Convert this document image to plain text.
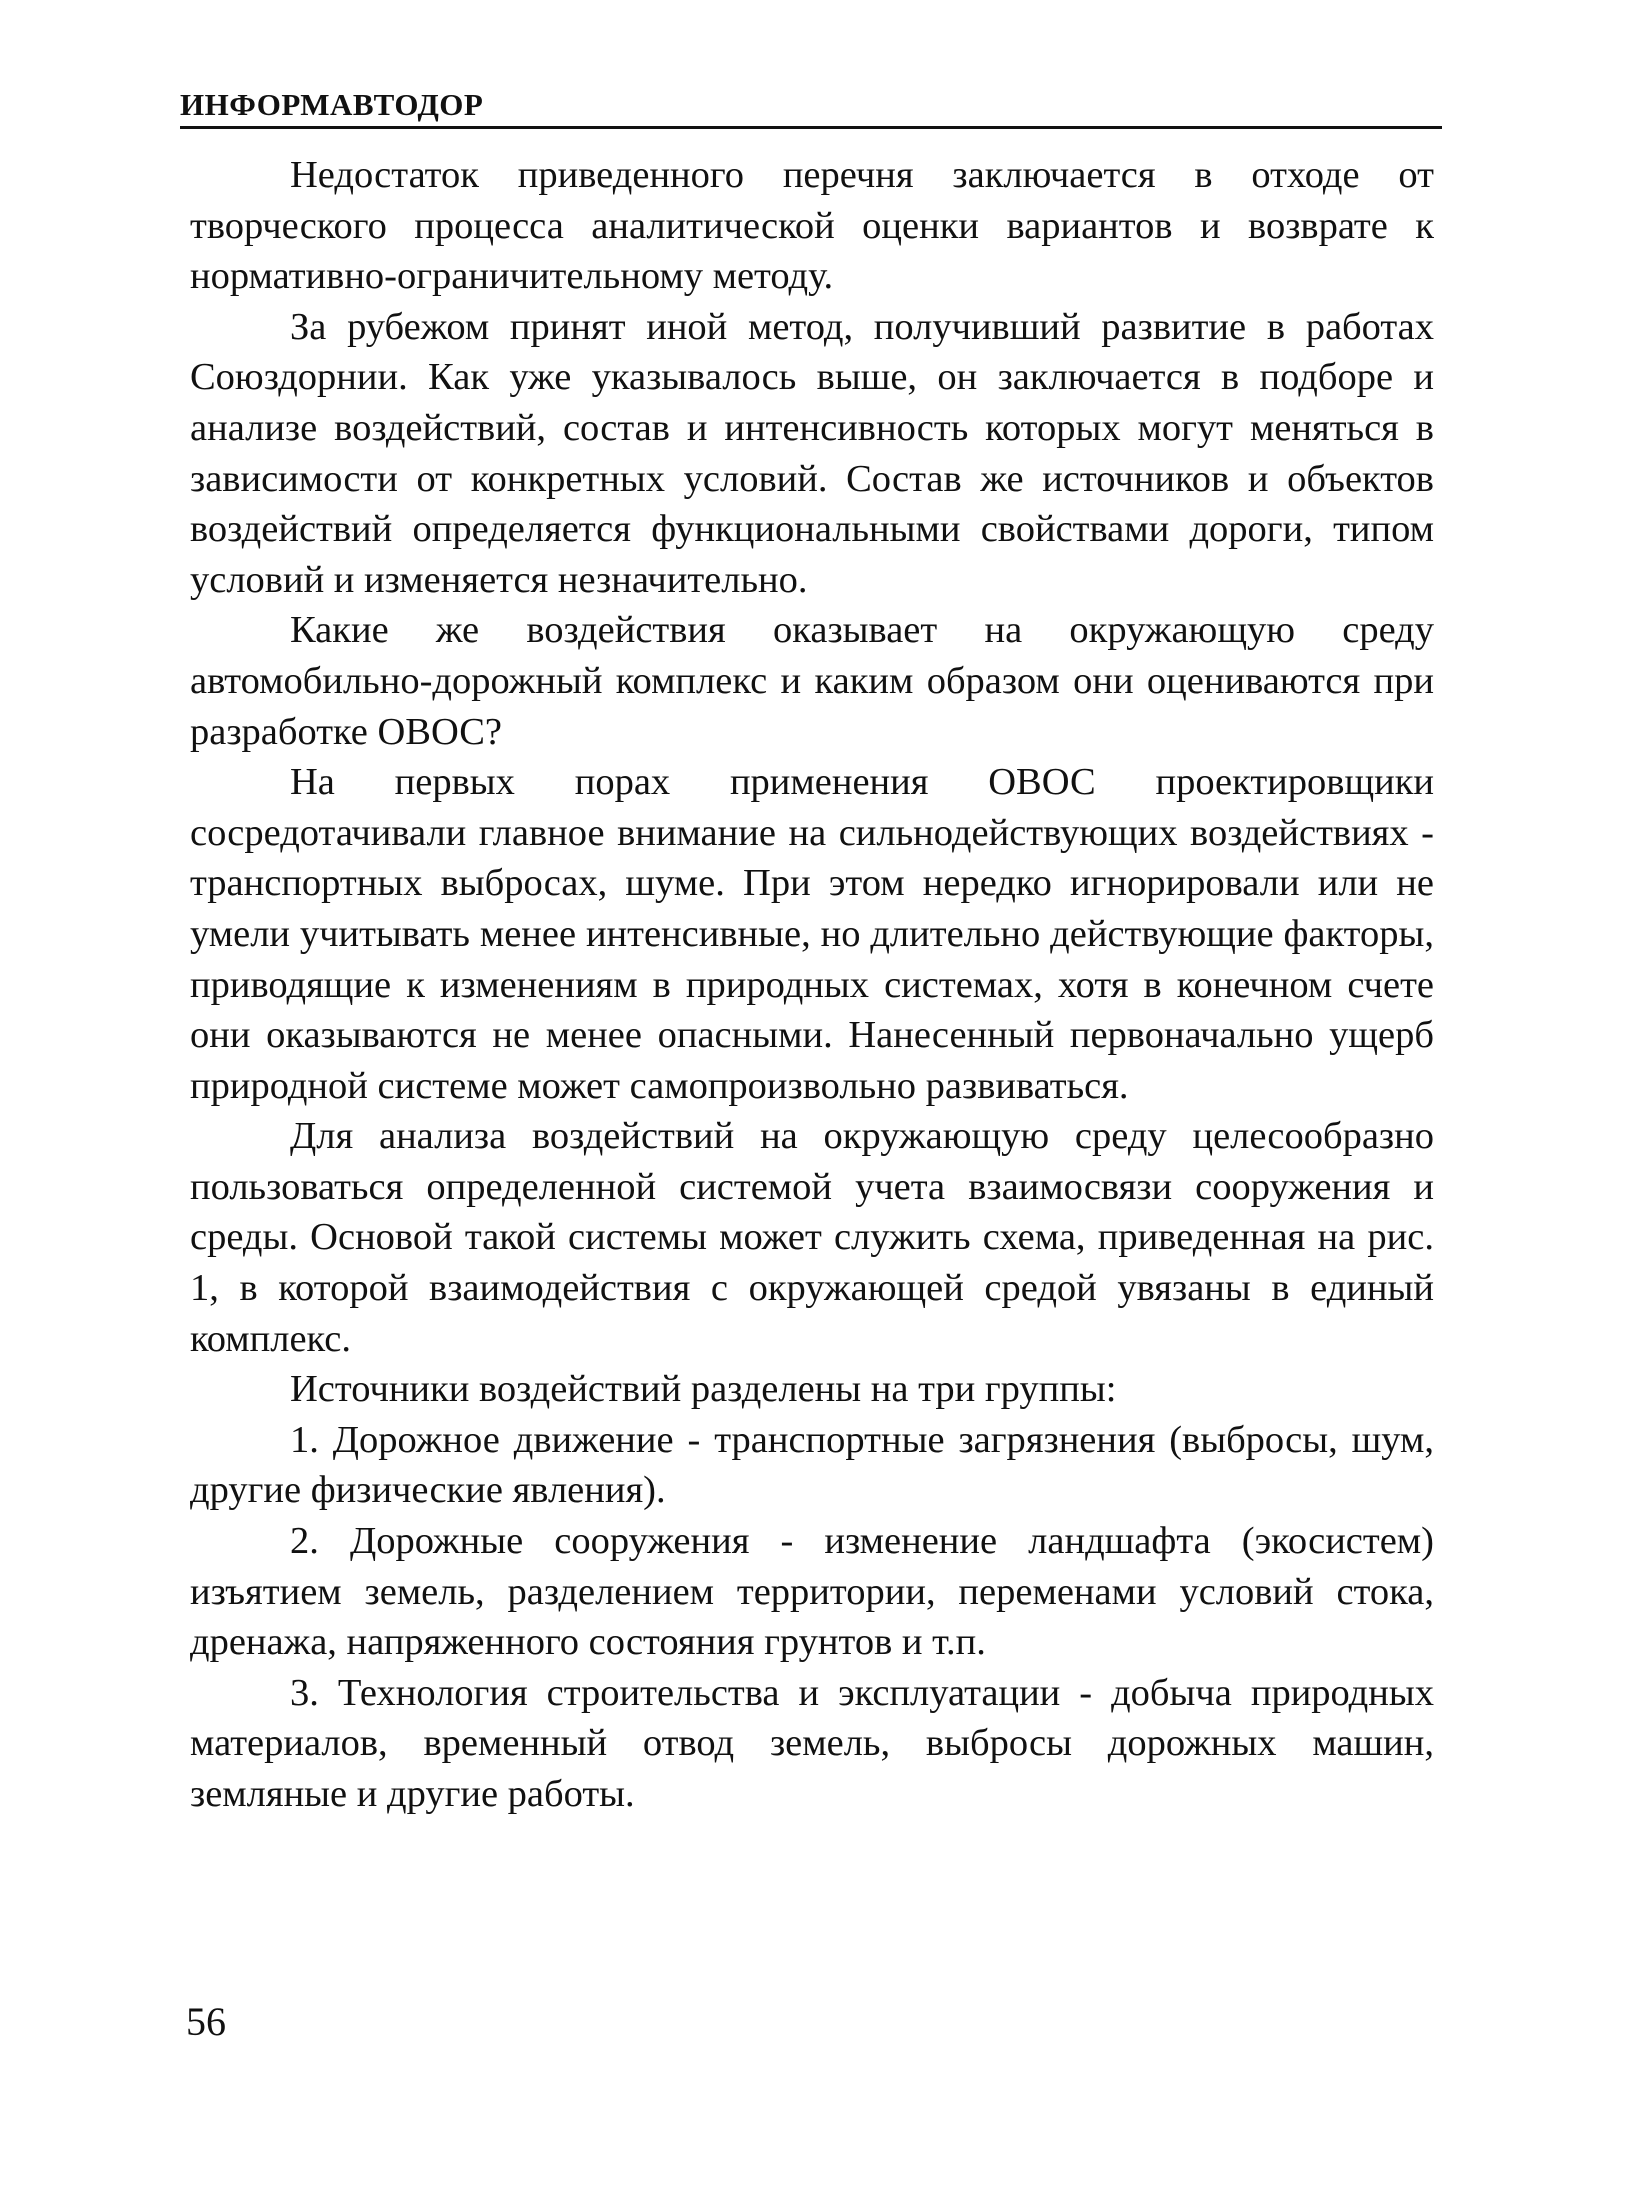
ИНФОРМАВТОДОР

Недостаток приведенного перечня заключается в отходе от творческого процесса аналитической оценки вариантов и возврате к нормативно-ограничительному методу.

За рубежом принят иной метод, получивший развитие в работах Союздорнии. Как уже указывалось выше, он заключается в подборе и анализе воздействий, состав и интенсивность которых могут меняться в зависимости от конкретных условий. Состав же источников и объектов воздействий определяется функциональными свойствами дороги, типом условий и изменяется незначительно.

Какие же воздействия оказывает на окружающую среду автомобильно-дорожный комплекс и каким образом они оцениваются при разработке ОВОС?

На первых порах применения ОВОС проектировщики сосредотачивали главное внимание на сильнодействующих воздействиях - транспортных выбросах, шуме. При этом нередко игнорировали или не умели учитывать менее интенсивные, но длительно действующие факторы, приводящие к изменениям в природных системах, хотя в конечном счете они оказываются не менее опасными. Нанесенный первоначально ущерб природной системе может самопроизвольно развиваться.

Для анализа воздействий на окружающую среду целесообразно пользоваться определенной системой учета взаимосвязи сооружения и среды. Основой такой системы может служить схема, приведенная на рис. 1, в которой взаимодействия с окружающей средой увязаны в единый комплекс.

Источники воздействий разделены на три группы:

1. Дорожное движение - транспортные загрязнения (выбросы, шум, другие физические явления).

2. Дорожные сооружения - изменение ландшафта (экосистем) изъятием земель, разделением территории, переменами условий стока, дренажа, напряженного состояния грунтов и т.п.

3. Технология строительства и эксплуатации - добыча природных материалов, временный отвод земель, выбросы дорожных машин, земляные и другие работы.

56
